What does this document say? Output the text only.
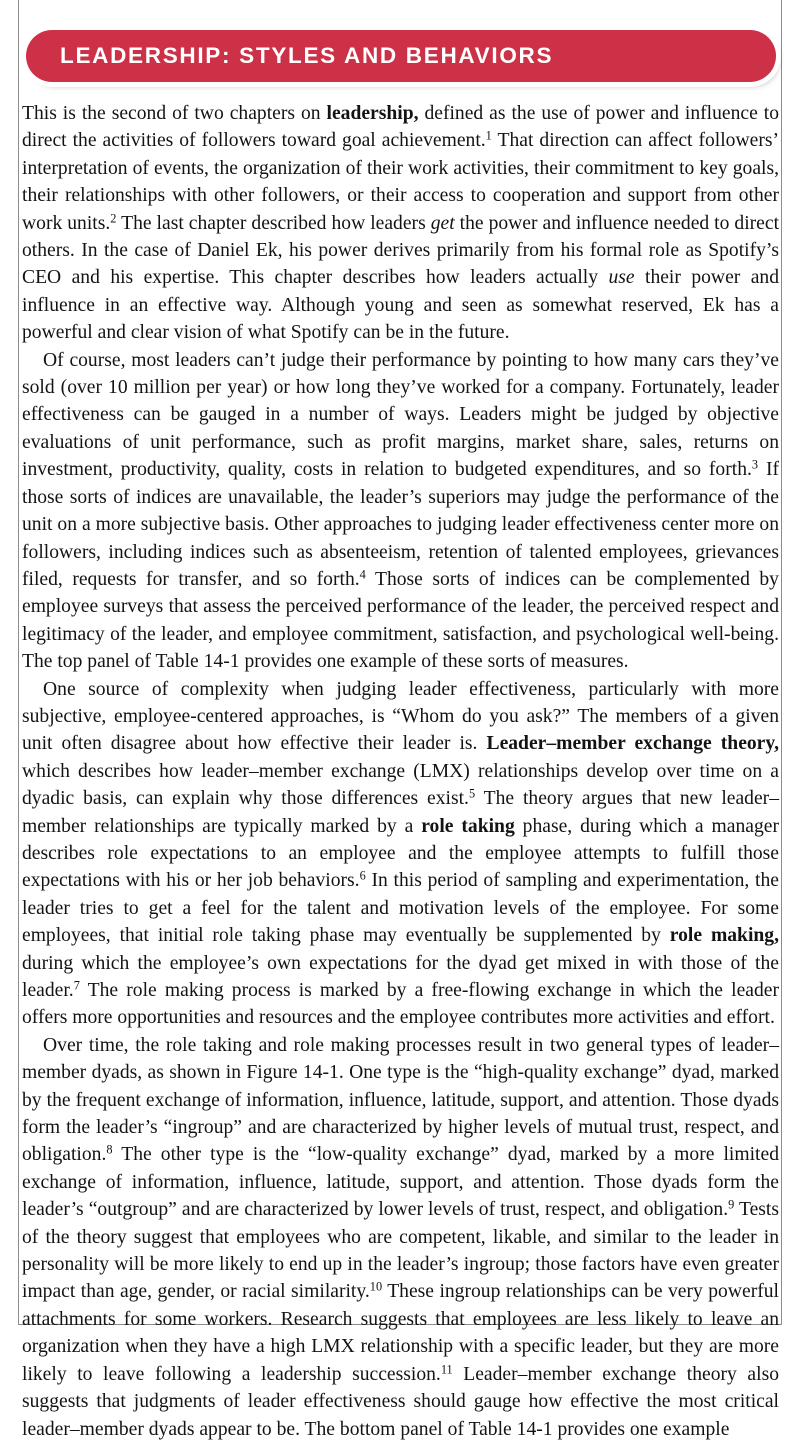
LEADERSHIP: STYLES AND BEHAVIORS

This is the second of two chapters on leadership, defined as the use of power and influence to direct the activities of followers toward goal achievement.$^1$ That direction can affect followers’ interpretation of events, the organization of their work activities, their commitment to key goals, their relationships with other followers, or their access to cooperation and support from other work units.$^2$ The last chapter described how leaders get the power and influence needed to direct others. In the case of Daniel Ek, his power derives primarily from his formal role as Spotify’s CEO and his expertise. This chapter describes how leaders actually use their power and influence in an effective way. Although young and seen as somewhat reserved, Ek has a powerful and clear vision of what Spotify can be in the future.

Of course, most leaders can’t judge their performance by pointing to how many cars they’ve sold (over 10 million per year) or how long they’ve worked for a company. Fortunately, leader effectiveness can be gauged in a number of ways. Leaders might be judged by objective evaluations of unit performance, such as profit margins, market share, sales, returns on investment, productivity, quality, costs in relation to budgeted expenditures, and so forth.$^3$ If those sorts of indices are unavailable, the leader’s superiors may judge the performance of the unit on a more subjective basis. Other approaches to judging leader effectiveness center more on followers, including indices such as absenteeism, retention of talented employees, grievances filed, requests for transfer, and so forth.$^4$ Those sorts of indices can be complemented by employee surveys that assess the perceived performance of the leader, the perceived respect and legitimacy of the leader, and employee commitment, satisfaction, and psychological well-being. The top panel of Table 14-1 provides one example of these sorts of measures.

One source of complexity when judging leader effectiveness, particularly with more subjective, employee-centered approaches, is “Whom do you ask?” The members of a given unit often disagree about how effective their leader is. Leader–member exchange theory, which describes how leader–member exchange (LMX) relationships develop over time on a dyadic basis, can explain why those differences exist.$^5$ The theory argues that new leader–member relationships are typically marked by a role taking phase, during which a manager describes role expectations to an employee and the employee attempts to fulfill those expectations with his or her job behaviors.$^6$ In this period of sampling and experimentation, the leader tries to get a feel for the talent and motivation levels of the employee. For some employees, that initial role taking phase may eventually be supplemented by role making, during which the employee’s own expectations for the dyad get mixed in with those of the leader.$^7$ The role making process is marked by a free-flowing exchange in which the leader offers more opportunities and resources and the employee contributes more activities and effort.

Over time, the role taking and role making processes result in two general types of leader–member dyads, as shown in Figure 14-1. One type is the “high-quality exchange” dyad, marked by the frequent exchange of information, influence, latitude, support, and attention. Those dyads form the leader’s “ingroup” and are characterized by higher levels of mutual trust, respect, and obligation.$^8$ The other type is the “low-quality exchange” dyad, marked by a more limited exchange of information, influence, latitude, support, and attention. Those dyads form the leader’s “outgroup” and are characterized by lower levels of trust, respect, and obligation.$^9$ Tests of the theory suggest that employees who are competent, likable, and similar to the leader in personality will be more likely to end up in the leader’s ingroup; those factors have even greater impact than age, gender, or racial similarity.$^{10}$ These ingroup relationships can be very powerful attachments for some workers. Research suggests that employees are less likely to leave an organization when they have a high LMX relationship with a specific leader, but they are more likely to leave following a leadership succession.$^{11}$ Leader–member exchange theory also suggests that judgments of leader effectiveness should gauge how effective the most critical leader–member dyads appear to be. The bottom panel of Table 14-1 provides one example
